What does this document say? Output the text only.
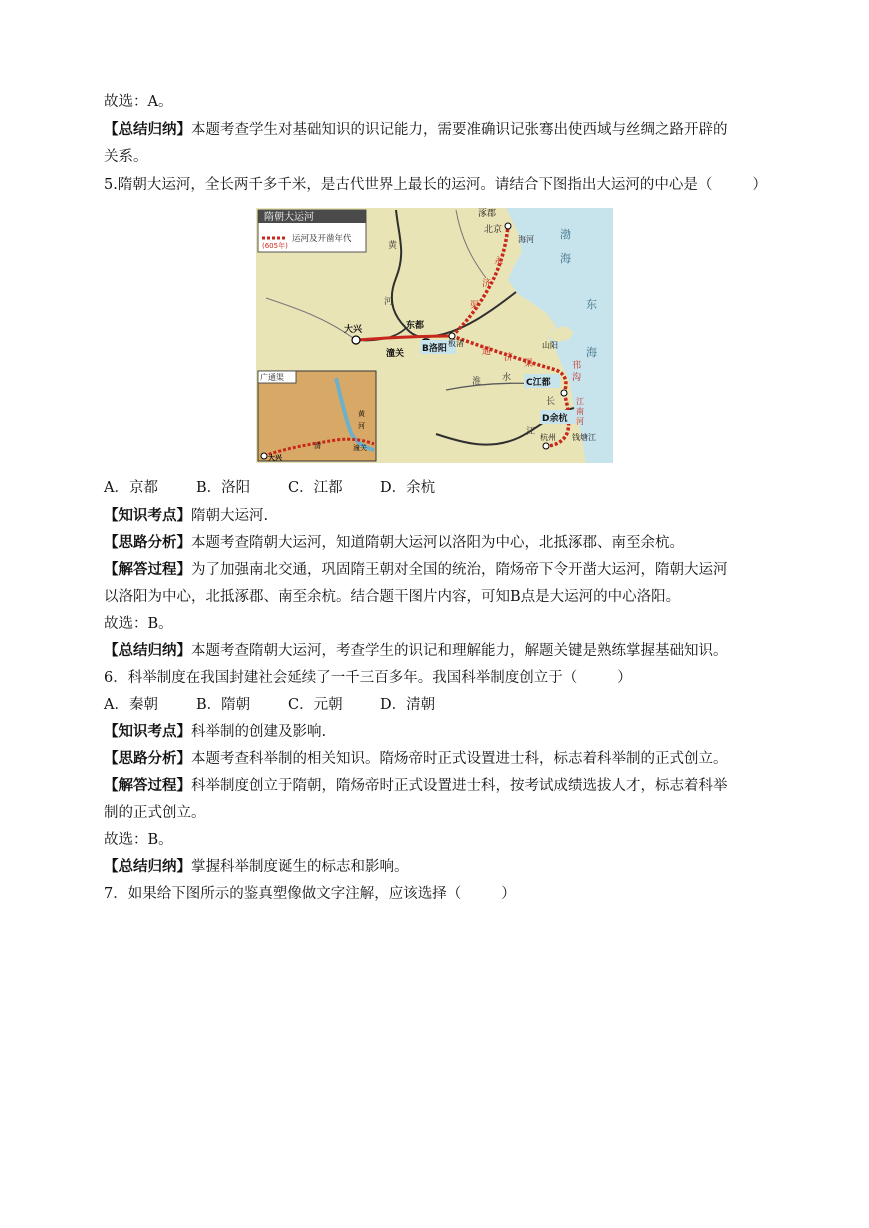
故选：A。
【总结归纳】本题考查学生对基础知识的识记能力，需要准确识记张骞出使西域与丝绸之路开辟的
关系。
5.隋朝大运河，全长两千多千米，是古代世界上最长的运河。请结合下图指出大运河的中心是（	）
隋朝大运河
(605年)
运河及开凿年代
广通渠
大兴
潼关
黄
河
渭
涿郡
北京
海河 渤
海
东
海
黄
河
永
济
渠
大兴
潼关
东都
B洛阳
板渚
通
济
渠
淮 水
山阳
邗
沟
C江都
长
江
江
南
河
D余杭
杭州 钱塘江
A．京都	B．洛阳	C．江都	D．余杭
【知识考点】隋朝大运河.
【思路分析】本题考查隋朝大运河，知道隋朝大运河以洛阳为中心，北抵涿郡、南至余杭。
【解答过程】为了加强南北交通，巩固隋王朝对全国的统治，隋炀帝下令开凿大运河，隋朝大运河
以洛阳为中心，北抵涿郡、南至余杭。结合题干图片内容，可知B点是大运河的中心洛阳。
故选：B。
【总结归纳】本题考查隋朝大运河，考查学生的识记和理解能力，解题关键是熟练掌握基础知识。
6．科举制度在我国封建社会延续了一千三百多年。我国科举制度创立于（	）
A．秦朝	B．隋朝	C．元朝	D．清朝
【知识考点】科举制的创建及影响.
【思路分析】本题考查科举制的相关知识。隋炀帝时正式设置进士科，标志着科举制的正式创立。
【解答过程】科举制度创立于隋朝，隋炀帝时正式设置进士科，按考试成绩选拔人才，标志着科举
制的正式创立。
故选：B。
【总结归纳】掌握科举制度诞生的标志和影响。
7．如果给下图所示的鉴真塑像做文字注解，应该选择（	）
